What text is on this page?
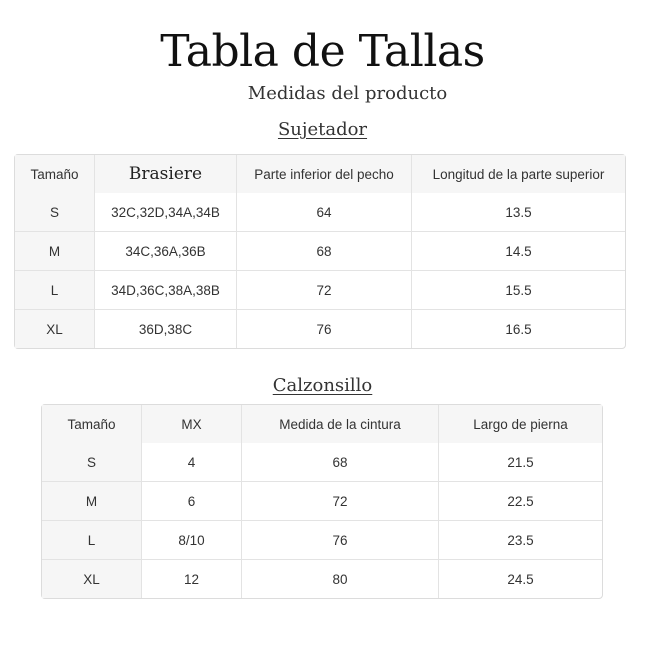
Tabla de Tallas

Medidas del producto

Sujetador
Tamaño	Brasiere	Parte inferior del pecho	Longitud de la parte superior
S	32C,32D,34A,34B	64	13.5
M	34C,36A,36B	68	14.5
L	34D,36C,38A,38B	72	15.5
XL	36D,38C	76	16.5
Calzonsillo
Tamaño	MX	Medida de la cintura	Largo de pierna
S	4	68	21.5
M	6	72	22.5
L	8/10	76	23.5
XL	12	80	24.5
